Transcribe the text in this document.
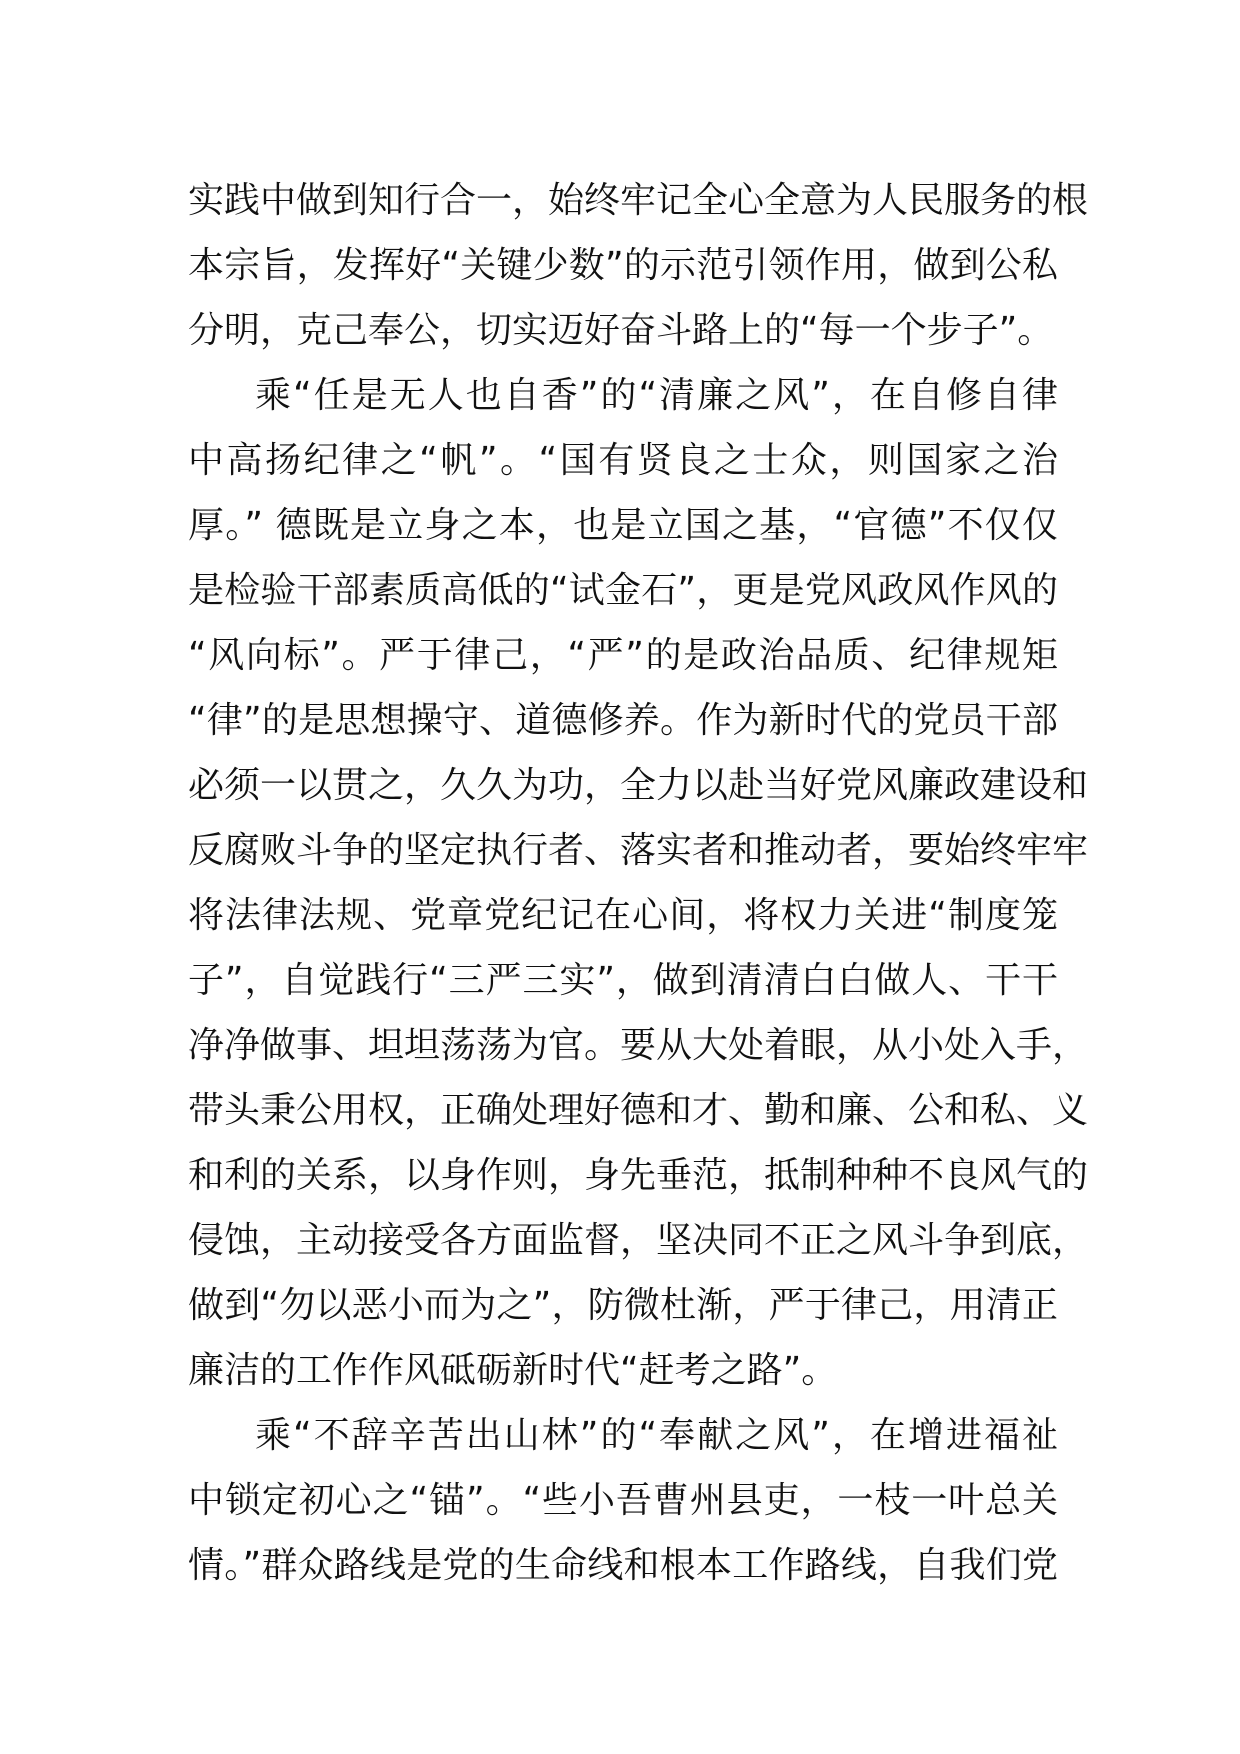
实践中做到知行合一，始终牢记全心全意为人民服务的根
本宗旨，发挥好“关键少数”的示范引领作用，做到公私
分明，克己奉公，切实迈好奋斗路上的“每一个步子”。
乘“任是无人也自香”的“清廉之风”，在自修自律
中高扬纪律之“帆”。“国有贤良之士众，则国家之治
厚。” 德既是立身之本，也是立国之基，“官德”不仅仅
是检验干部素质高低的“试金石”，更是党风政风作风的
“风向标”。严于律己，“严”的是政治品质、纪律规矩
“律”的是思想操守、道德修养。作为新时代的党员干部
必须一以贯之，久久为功，全力以赴当好党风廉政建设和
反腐败斗争的坚定执行者、落实者和推动者，要始终牢牢
将法律法规、党章党纪记在心间，将权力关进“制度笼
子”，自觉践行“三严三实”，做到清清白白做人、干干
净净做事、坦坦荡荡为官。要从大处着眼，从小处入手，
带头秉公用权，正确处理好德和才、勤和廉、公和私、义
和利的关系，以身作则，身先垂范，抵制种种不良风气的
侵蚀，主动接受各方面监督，坚决同不正之风斗争到底，
做到“勿以恶小而为之”，防微杜渐，严于律己，用清正
廉洁的工作作风砥砺新时代“赶考之路”。
乘“不辞辛苦出山林”的“奉献之风”，在增进福祉
中锁定初心之“锚”。“些小吾曹州县吏，一枝一叶总关
情。”群众路线是党的生命线和根本工作路线，自我们党
